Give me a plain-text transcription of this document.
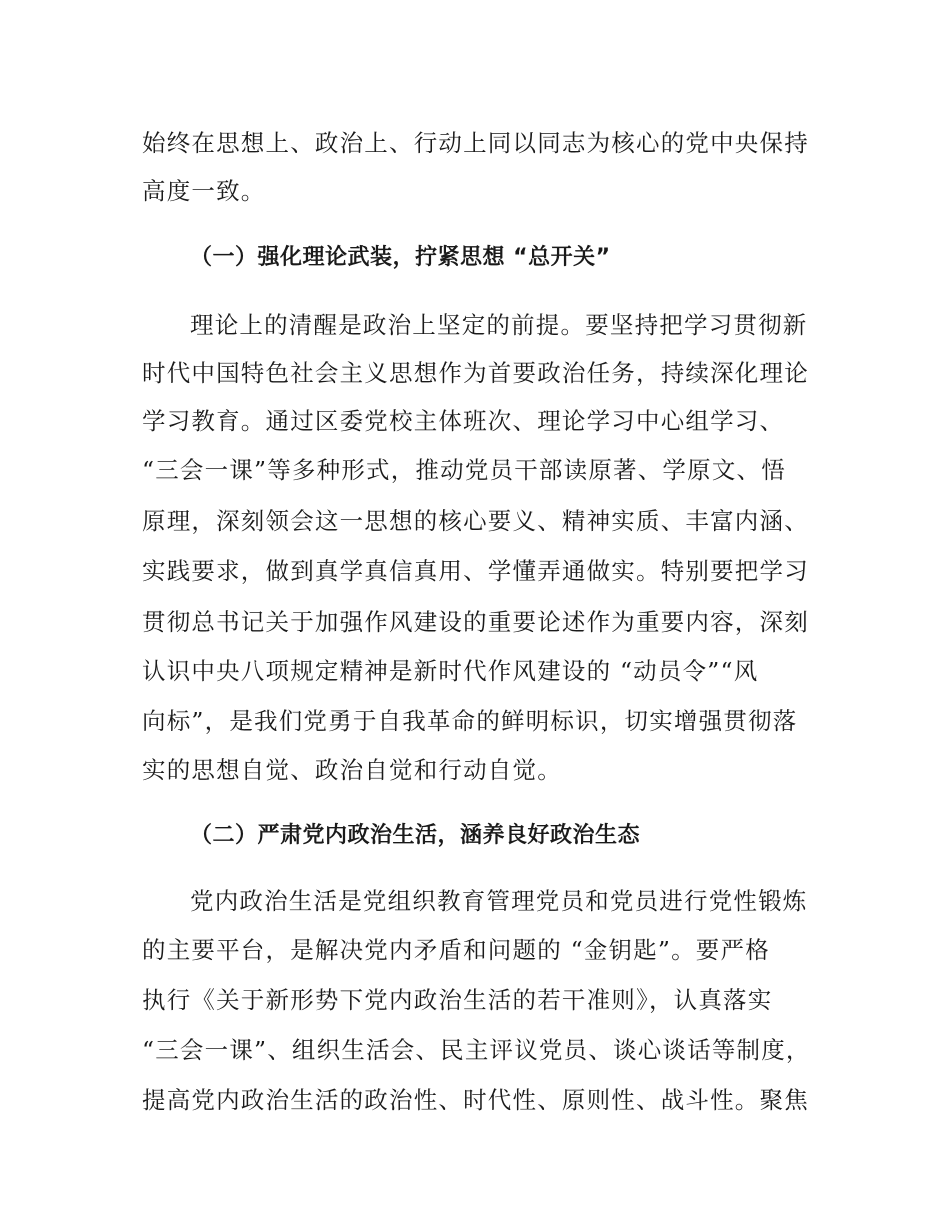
始终在思想上、政治上、行动上同以同志为核心的党中央保持
高度一致。
（一）强化理论武装，拧紧思想 “总开关”
理论上的清醒是政治上坚定的前提。要坚持把学习贯彻新
时代中国特色社会主义思想作为首要政治任务，持续深化理论
学习教育。通过区委党校主体班次、理论学习中心组学习、
“三会一课”等多种形式，推动党员干部读原著、学原文、悟
原理，深刻领会这一思想的核心要义、精神实质、丰富内涵、
实践要求，做到真学真信真用、学懂弄通做实。特别要把学习
贯彻总书记关于加强作风建设的重要论述作为重要内容，深刻
认识中央八项规定精神是新时代作风建设的 “动员令”“风
向标”，是我们党勇于自我革命的鲜明标识，切实增强贯彻落
实的思想自觉、政治自觉和行动自觉。
（二）严肃党内政治生活，涵养良好政治生态
党内政治生活是党组织教育管理党员和党员进行党性锻炼
的主要平台，是解决党内矛盾和问题的 “金钥匙”。要严格
执行《关于新形势下党内政治生活的若干准则》，认真落实
“三会一课”、组织生活会、民主评议党员、谈心谈话等制度，
提高党内政治生活的政治性、时代性、原则性、战斗性。聚焦
